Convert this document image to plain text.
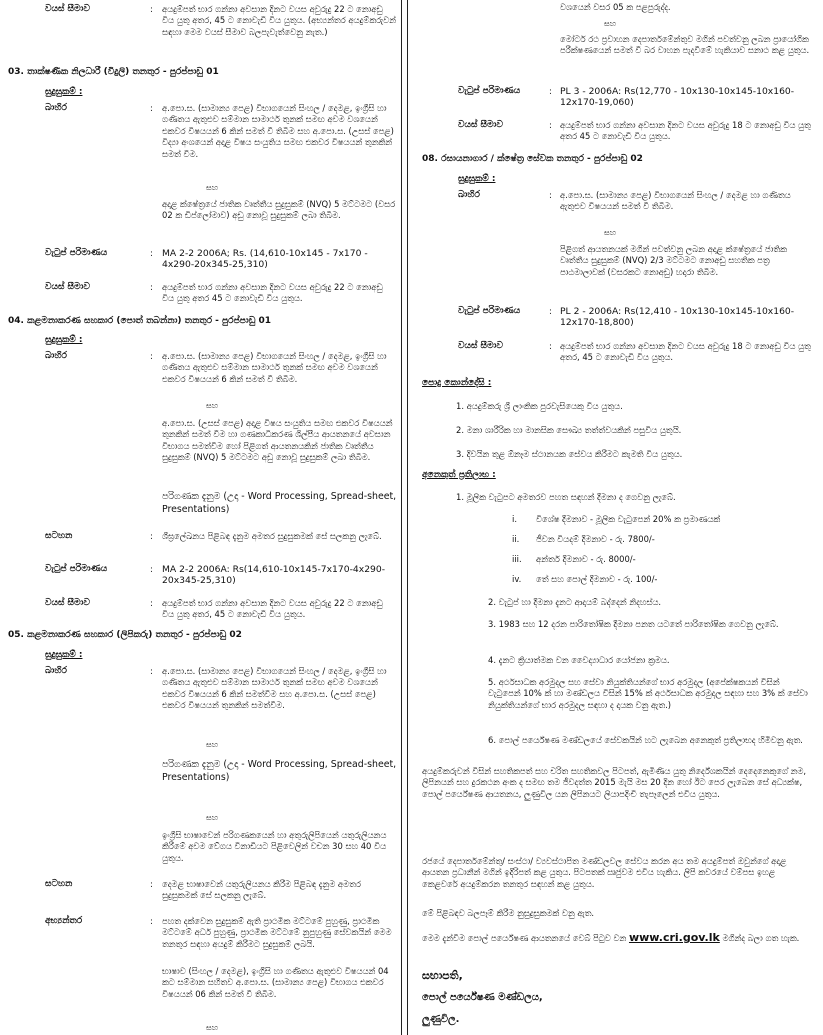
වයස් සීමාව	: අයදුම්පත් භාර ගන්නා අවසාන දිනට වයස අවුරුදු 22 ට නොඅඩු විය යුතු අතර, 45 ට නොවැඩි විය යුතුය. (අභ්‍යන්තර අයදුම්කරුවන් සඳහා මෙම වයස් සීමාව බලපැවැත්වෙනු නැත.)
03. තාක්ෂණික නිලධාරී (විදුලි) තනතුර - පුරප්පාඩු 01
සුදුසුකම් :
බාහිර	: අ.පො.ස. (සාමාන්‍ය පෙළ) විභාගයෙන් සිංහල / දෙමළ, ඉංග්‍රීසි හා ගණිතය ඇතුළුව සම්මාන සාමාර්ථ තුනක් සමඟ අවම වශයෙන් එකවර විෂයයන් 6 කින් සමත් වී තිබීම සහ අ.පො.ස. (උසස් පෙළ) විද්‍යා අංශයෙන් අදාළ විෂය සංයුතිය සමඟ එකවර විෂයයන් තුනකින් සමත් වීම.
සහ
අදාළ ක්ෂේත්‍රයේ ජාතික වෘත්තීය සුදුසුකම් (NVQ) 5 මට්ටමට (වසර 02 ක ඩිප්ලෝමාව) අඩු නොවූ සුදුසුකම් ලබා තිබීම.
වැටුප් පරිමාණය	: MA 2-2 2006A; Rs. (14,610-10x145 - 7x170 - 4x290-20x345-25,310)
වයස් සීමාව	: අයදුම්පත් භාර ගන්නා අවසාන දිනට වයස අවුරුදු 22 ට නොඅඩු විය යුතු අතර 45 ට නොවැඩි විය යුතුය.
04. කළමනාකරණ සහකාර (පොත් තබන්නා) තනතුර - පුරප්පාඩු 01
සුදුසුකම් :
බාහිර	: අ.පො.ස. (සාමාන්‍ය පෙළ) විභාගයෙන් සිංහල / දෙමළ, ඉංග්‍රීසි හා ගණිතය ඇතුළුව සම්මාන සාමාර්ථ තුනක් සමඟ අවම වශයෙන් එකවර විෂයයන් 6 කින් සමත් වී තිබීම.
සහ
අ.පො.ස. (උසස් පෙළ) අදාළ විෂය සංයුතිය සමඟ එකවර විෂයයන් තුනකින් සමත් වීම හා ගණකාධිකරණ ශිල්පීය ආයතනයේ අවසාන විභාගය සමත්වීම හෝ පිළිගත් ආයතනයකින් ජාතික වෘත්තීය සුදුසුකම් (NVQ) 5 මට්ටමට අඩු නොවූ සුදුසුකම් ලබා තිබීම.
පරිගණක දැනුම (උදා - Word Processing, Spread-sheet, Presentations)
සටහන	: ශීඝ්‍රලේඛනය පිළිබඳ දැනුම අමතර සුදුසුකමක් සේ සලකනු ලැබේ.
වැටුප් පරිමාණය	: MA 2-2 2006A: Rs(14,610-10x145-7x170-4x290-20x345-25,310)
වයස් සීමාව	: අයදුම්පත් භාර ගන්නා අවසාන දිනට වයස අවුරුදු 22 ට නොඅඩු විය යුතු අතර, 45 ට නොවැඩි විය යුතුය.
05. කළමනාකරණ සහකාර (ලිපිකරු) තනතුර - පුරප්පාඩු 02
සුදුසුකම් :
බාහිර	: අ.පො.ස. (සාමාන්‍ය පෙළ) විභාගයෙන් සිංහල / දෙමළ, ඉංග්‍රීසි හා ගණිතය ඇතුළුව සම්මාන සාමාර්ථ තුනක් සමඟ අවම වශයෙන් එකවර විෂයයන් 6 කින් සමත්වීම සහ අ.පො.ස. (උසස් පෙළ) එකවර විෂයයන් තුනකින් සමත්වීම.
සහ
පරිගණක දැනුම (උදා - Word Processing, Spread-sheet, Presentations)
සහ
ඉංග්‍රීසි භාෂාවෙන් පරිගණකයෙන් හා අතුරුලිපියෙන් යතුරුලියනය කිරීමේ අවම වේගය විනාඩියට පිළිවෙලින් වචන 30 සහ 40 විය යුතුය.
සටහන	: දෙමළ භාෂාවෙන් යතුරුලියනය කිරීම පිළිබඳ දැනුම අමතර සුදුසුකමක් සේ සලකනු ලැබේ.
අභ්‍යන්තර	: පහත දක්වෙන සුදුසුකම් ඇති ප්‍රාථමික මට්ටමේ පුහුණු, ප්‍රාථමික මට්ටමේ අර්ධ පුහුණු, ප්‍රාථමික මට්ටමේ නුපුහුණු සේවකයින් මෙම තනතුර සඳහා අයදුම් කිරීමට සුදුසුකම් ලබයි.
භාෂාව (සිංහල / දෙමළ), ඉංග්‍රීසි හා ගණිතය ඇතුළුව විෂයයන් 04 කට සම්මාන සහිතව අ.පො.ස. (සාමාන්‍ය පෙළ) විභාගය එකවර විෂයයන් 06 කින් සමත් වී තිබීම.
සහ
වශයෙන් වසර 05 ක පළපුරුද්ද.
සහ
මෝටර් රථ ප්‍රවාහන දෙපාර්තමේන්තුව මගින් පවත්වනු ලබන ප්‍රායෝගික පරීක්ෂණයෙන් සමත් වී බර වාහන පැදවීමේ හැකියාව සනාථ කළ යුතුය.
වැටුප් පරිමාණය	: PL 3 - 2006A: Rs(12,770 - 10x130-10x145-10x160-12x170-19,060)
වයස් සීමාව	: අයදුම්පත් භාර ගන්නා අවසාන දිනට වයස අවුරුදු 18 ට නොඅඩු විය යුතු අතර 45 ට නොවැඩි විය යුතුය.
08. රසායනාගාර / ක්ෂේත්‍ර සේවක තනතුර - පුරප්පාඩු 02
සුදුසුකම් :
බාහිර	: අ.පො.ස. (සාමාන්‍ය පෙළ) විභාගයෙන් සිංහල / දෙමළ හා ගණිතය ඇතුළුව විෂයයන් සමත් වී තිබීම.
සහ
පිළිගත් ආයතනයක් මගින් පවත්වනු ලබන අදාළ ක්ෂේත්‍රයේ ජාතික වෘත්තීය සුදුසුකම් (NVQ) 2/3 මට්ටමට නොඅඩු සහතික පත්‍ර පාඨමාලාවක් (වසරකට නොඅඩු) හදාරා තිබීම.
වැටුප් පරිමාණය	: PL 2 - 2006A: Rs(12,410 - 10x130-10x145-10x160-12x170-18,800)
වයස් සීමාව	: අයදුම්පත් භාර ගන්නා අවසාන දිනට වයස අවුරුදු 18 ට නොඅඩු විය යුතු අතර, 45 ට නොවැඩි විය යුතුය.
පොදු කොන්දේසි :
1. අයදුම්කරු ශ්‍රී ලාංකික පුරවැසියෙකු විය යුතුය.
2. මනා ශාරීරික හා මානසික සෞඛ්‍ය තත්ත්වයකින් පසුවිය යුතුයි.
3. දිවයින තුළ ඕනෑම ස්ථානයක සේවය කිරීමට කැමති විය යුතුය.
අනෙකුත් ප්‍රතිලාභ :
1. මූලික වැටුපට අමතරව පහත සඳහන් දීමනා ද ගෙවනු ලැබේ.
i. විශේෂ දීමනාව - මූලික වැටුපෙන් 20% ක ප්‍රමාණයක්
ii. ජීවන වියදම් දීමනාව - රු. 7800/-
iii. අන්තර් දීමනාව - රු. 8000/-
iv. තේ සහ පොල් දීමනාව - රු. 100/-
2. වැටුප් හා දීමනා දැනට ආදායම් බද්දෙන් නිදහස්ය.
3. 1983 සහ 12 දරන පාරිතෝෂික දීමනා පනත යටතේ පාරිතෝෂික ගෙවනු ලැබේ.
4. දැනට ක්‍රියාත්මක වන වෛද්‍යාධාර යෝජනා ක්‍රමය.
5. අර්ථසාධක අරමුදල සහ සේවා නියුක්තියන්ගේ භාර අරමුදල (අපේක්ෂකයන් විසින් වැටුපෙන් 10% ක් හා මණ්ඩලය විසින් 15% ක් අර්ථසාධක අරමුදල සඳහා සහ 3% ක් සේවා නියුක්තියන්ගේ භාර අරමුදල සඳහා ද දායක වනු ඇත.)
6. පොල් පර්යේෂණ මණ්ඩලයේ සේවකයින් හට ලැබෙන අනෙකුත් ප්‍රතිලාභද හිමිවනු ඇත.
අයදුම්කරුවන් විසින් සහතිකපත් සහ චරිත සහතිකවල පිටපත්, ඇමිණිය යුතු නිර්දේශකයින් දෙදෙනෙකුගේ නම, ලිපිනයන් සහ දුරකථන අංක ද සමඟ තම ජීවදත්ත 2015 මැයි මස 20 දින හෝ ඊට පෙර ලැබෙන සේ අධ්‍යක්ෂ, පොල් පර්යේෂණ ආයතනය, ලුණුවිල යන ලිපිනයට ලියාපදිංචි තැපෑලෙන් එවිය යුතුය.
රජයේ දෙපාර්තමේන්තු/ සංස්ථා/ ව්‍යවස්ථාපිත මණ්ඩලවල සේවය කරන අය තම අයදුම්පත් ඔවුන්ගේ අදාළ ආයතන ප්‍රධානීන් මගින් ඉදිරිපත් කළ යුතුය. පිටපතක් ඍජුවම එවිය හැකිය. ලිපි කවරයේ වම්පස ඉහළ කෙළවරේ අයදුම්කරන තනතුර සඳහන් කළ යුතුය.
මේ පිළිබඳව බලපෑම් කිරීම නුසුදුසුකමක් වනු ඇත.
මෙම දැන්වීම පොල් පර්යේෂණ ආයතනයේ වෙබ් පිටුව වන www.cri.gov.lk මගින්ද බලා ගත හැක.
සභාපති,
පොල් පර්යේෂණ මණ්ඩලය,
ලුණුවිල.
